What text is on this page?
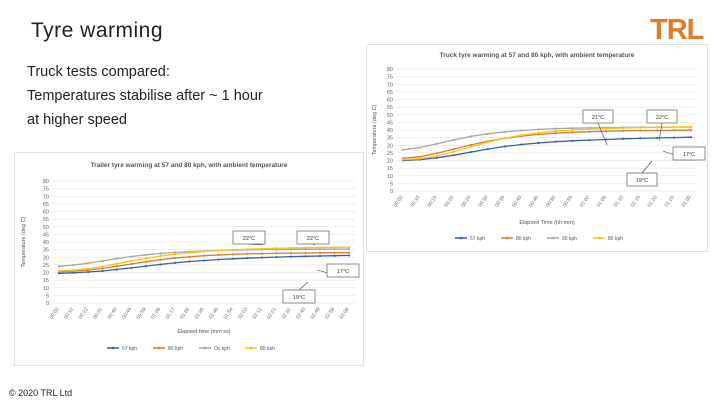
Tyre warming
Truck tests compared:
Temperatures stabilise after ~ 1 hour
at higher speed
TRL
Trailer tyre warming at 57 and 80 kph, with ambient temperature
0
5
10
15
20
25
30
35
40
45
50
55
60
65
70
75
80
00:03 00:12 00:22 00:31 00:40 00:49 00:59 01:08 01:17 01:26 01:35 01:45 01:54 02:03 02:12 02:21 02:31 02:40 02:49 02:58 03:08
Elapsed time (mm:ss)
Temperature (deg C)	22°C	22°C
17°C
19°C
57 kph	80 kph	Oc kph	80 kph
Truck tyre warming at 57 and 80 kph, with ambient temperature
0
5
10
15
20
25
30
35
40
45
50
55
60
65
70
75
80
00:03 00:10 00:15 00:20 00:25 00:30 00:35 00:40 00:45 00:50 00:55 01:00 01:05 01:10 01:15 01:20 01:25 01:30
Elapsed Time (hh:mm)
Temperature (deg C)	21°C	22°C
17°C
19°C
57 kph	80 kph	90 kph	80 kph
© 2020 TRL Ltd
